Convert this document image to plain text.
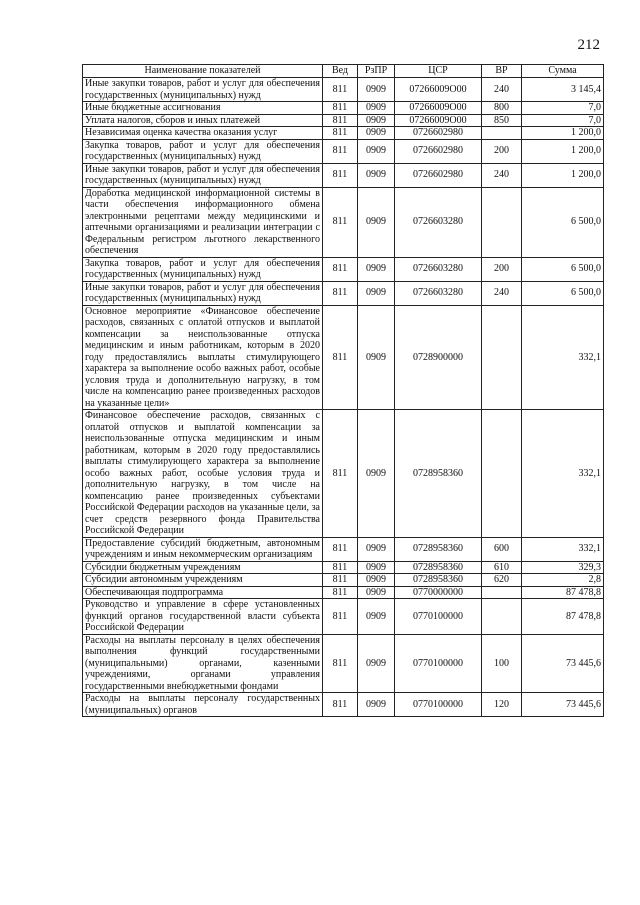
212
Наименование показателей	Вед	РзПР	ЦСР	ВР	Сумма
Иные закупки товаров, работ и услуг для обеспечения государственных (муниципальных) нужд	811	0909	07266009О00	240	3 145,4
Иные бюджетные ассигнования	811	0909	07266009О00	800	7,0
Уплата налогов, сборов и иных платежей	811	0909	07266009О00	850	7,0
Независимая оценка качества оказания услуг	811	0909	0726602980		1 200,0
Закупка товаров, работ и услуг для обеспечения государственных (муниципальных) нужд	811	0909	0726602980	200	1 200,0
Иные закупки товаров, работ и услуг для обеспечения государственных (муниципальных) нужд	811	0909	0726602980	240	1 200,0
Доработка медицинской информационной системы в части обеспечения информационного обмена электронными рецептами между медицинскими и аптечными организациями и реализации интеграции с Федеральным регистром льготного лекарственного обеспечения	811	0909	0726603280		6 500,0
Закупка товаров, работ и услуг для обеспечения государственных (муниципальных) нужд	811	0909	0726603280	200	6 500,0
Иные закупки товаров, работ и услуг для обеспечения государственных (муниципальных) нужд	811	0909	0726603280	240	6 500,0
Основное мероприятие «Финансовое обеспечение расходов, связанных с оплатой отпусков и выплатой компенсации за неиспользованные отпуска медицинским и иным работникам, которым в 2020 году предоставлялись выплаты стимулирующего характера за выполнение особо важных работ, особые условия труда и дополнительную нагрузку, в том числе на компенсацию ранее произведенных расходов на указанные цели»	811	0909	0728900000		332,1
Финансовое обеспечение расходов, связанных с оплатой отпусков и выплатой компенсации за неиспользованные отпуска медицинским и иным работникам, которым в 2020 году предоставлялись выплаты стимулирующего характера за выполнение особо важных работ, особые условия труда и дополнительную нагрузку, в том числе на компенсацию ранее произведенных субъектами Российской Федерации расходов на указанные цели, за счет средств резервного фонда Правительства Российской Федерации	811	0909	0728958360		332,1
Предоставление субсидий бюджетным, автономным учреждениям и иным некоммерческим организациям	811	0909	0728958360	600	332,1
Субсидии бюджетным учреждениям	811	0909	0728958360	610	329,3
Субсидии автономным учреждениям	811	0909	0728958360	620	2,8
Обеспечивающая подпрограмма	811	0909	0770000000		87 478,8
Руководство и управление в сфере установленных функций органов государственной власти субъекта Российской Федерации	811	0909	0770100000		87 478,8
Расходы на выплаты персоналу в целях обеспечения выполнения функций государственными (муниципальными) органами, казенными учреждениями, органами управления государственными внебюджетными фондами	811	0909	0770100000	100	73 445,6
Расходы на выплаты персоналу государственных (муниципальных) органов	811	0909	0770100000	120	73 445,6
